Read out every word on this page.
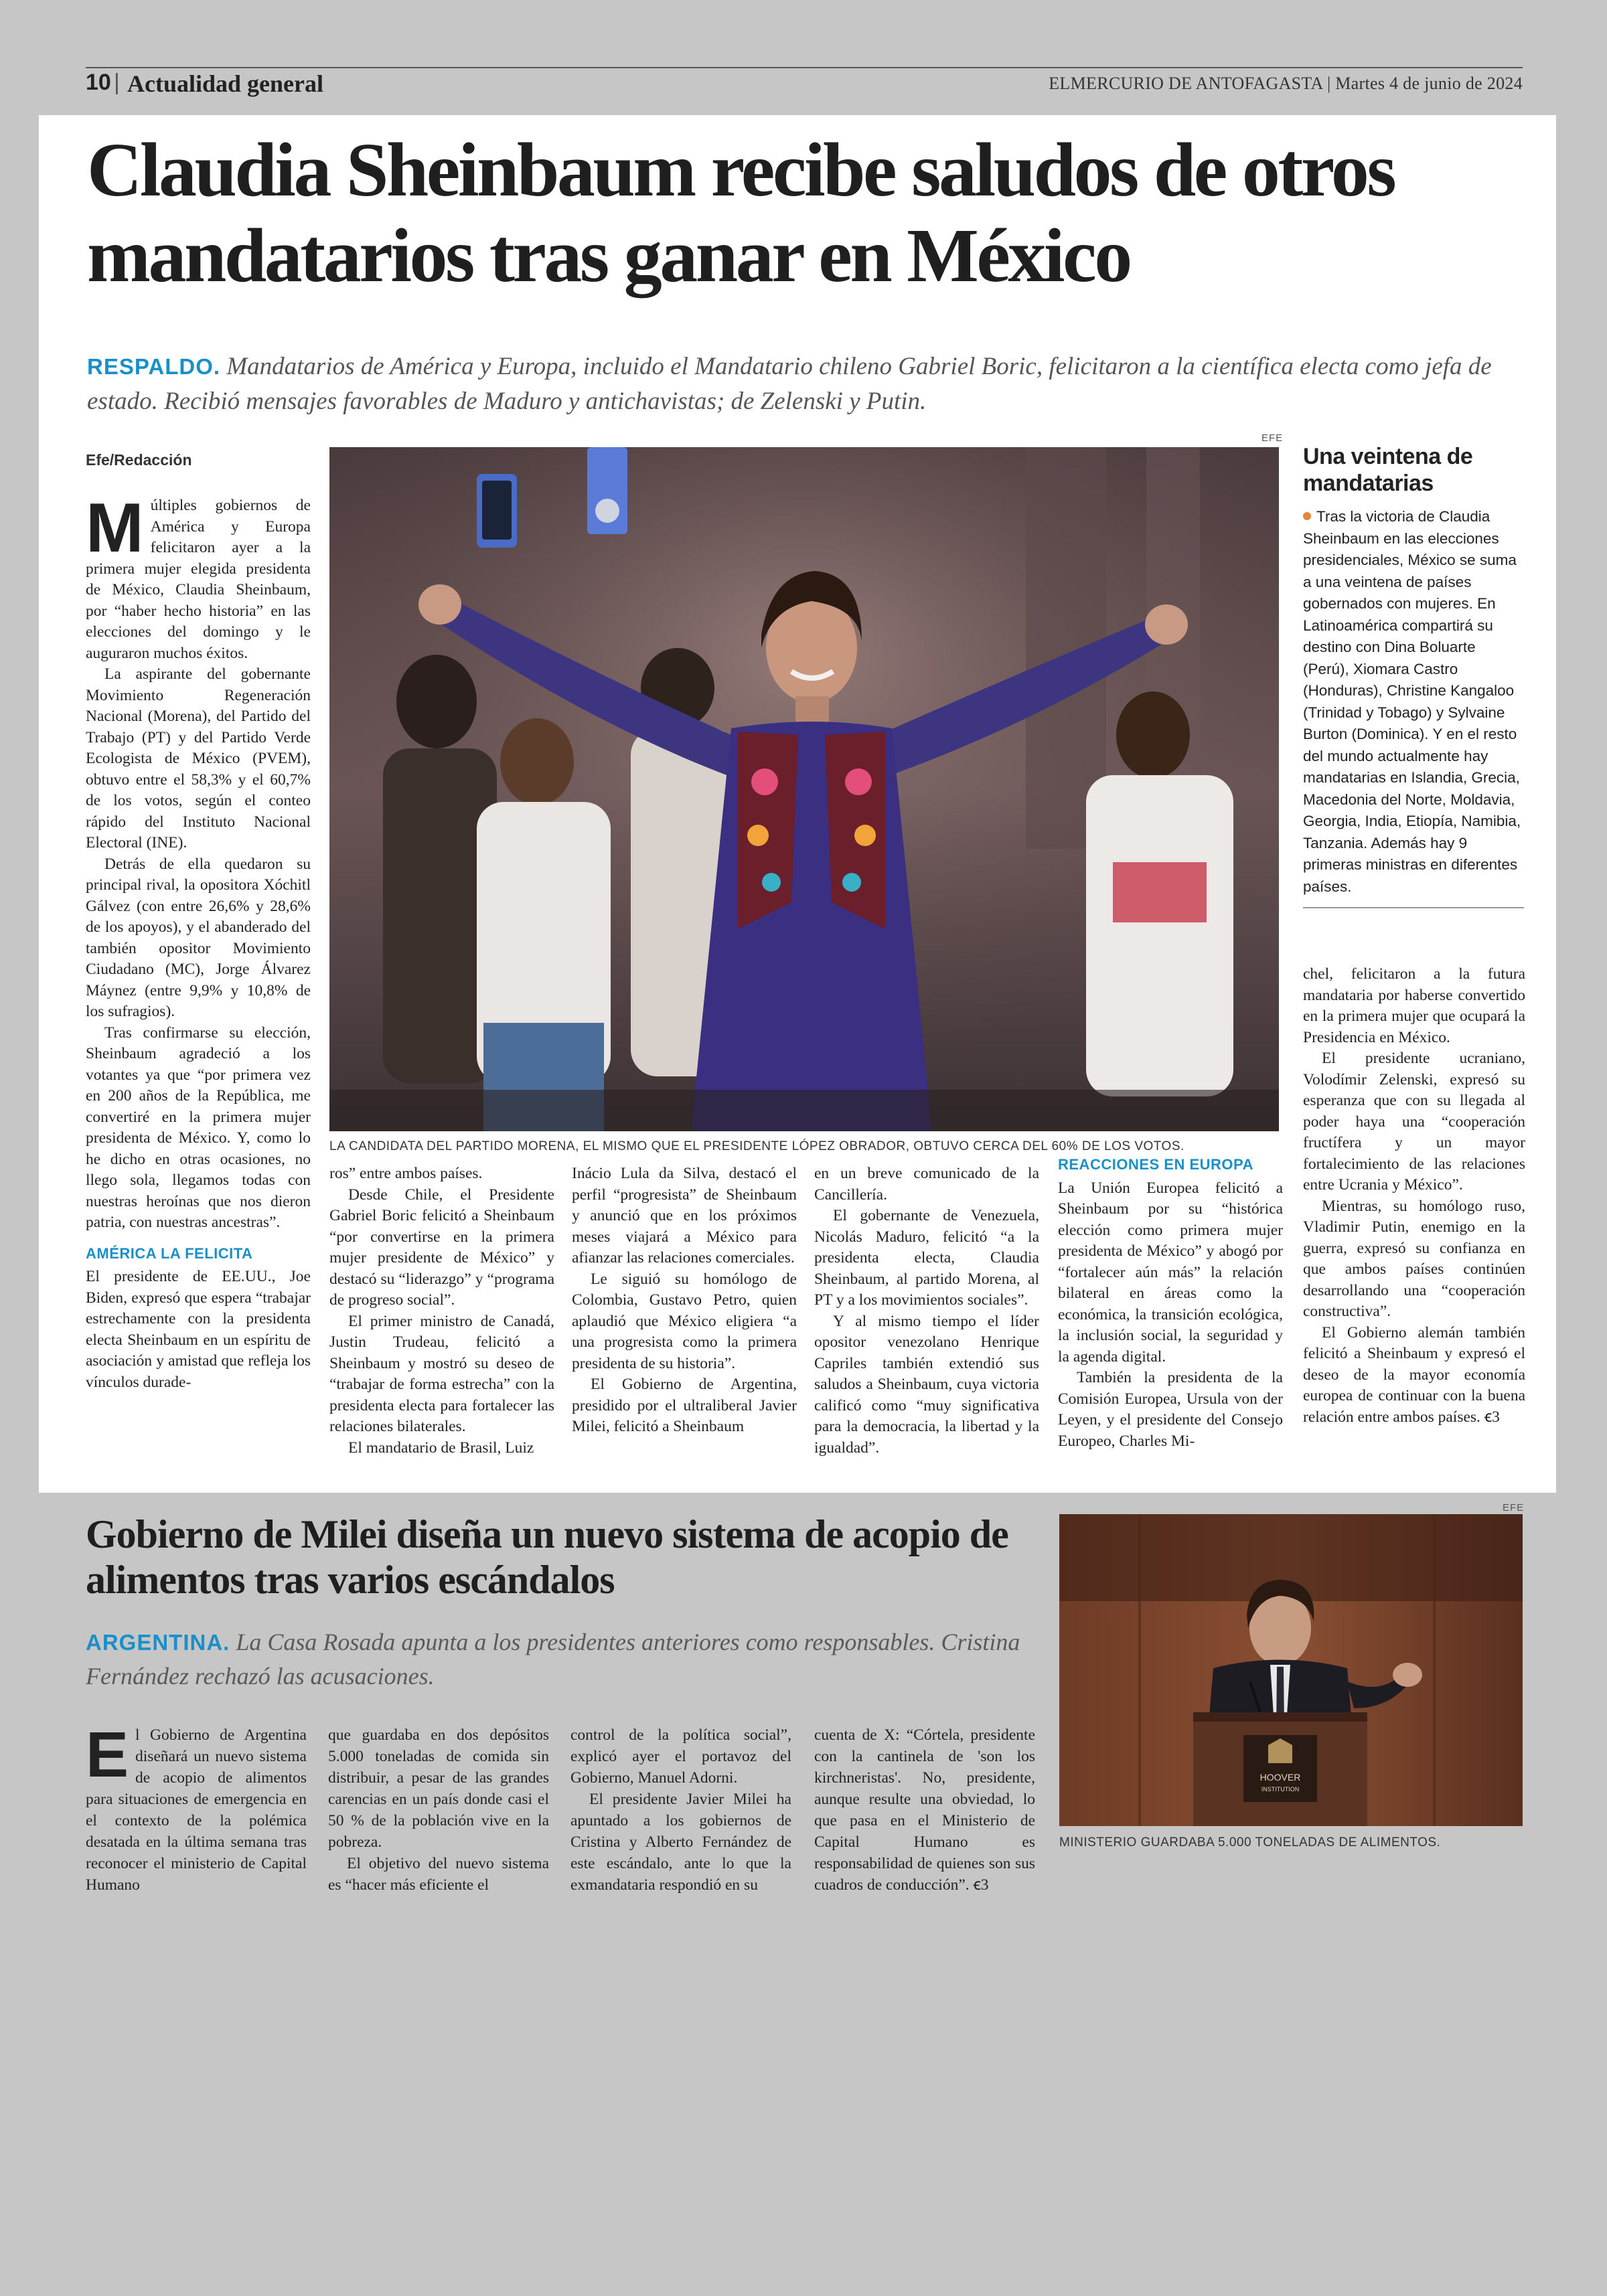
10 | Actualidad general	ELMERCURIO DE ANTOFAGASTA | Martes 4 de junio de 2024
Claudia Sheinbaum recibe saludos de otros mandatarios tras ganar en México
RESPALDO. Mandatarios de América y Europa, incluido el Mandatario chileno Gabriel Boric, felicitaron a la científica electa como jefa de estado. Recibió mensajes favorables de Maduro y antichavistas; de Zelenski y Putin.
Efe/Redacción

Múltiples gobiernos de América y Europa felicitaron ayer a la primera mujer elegida presidenta de México, Claudia Sheinbaum, por “haber hecho historia” en las elecciones del domingo y le auguraron muchos éxitos.

La aspirante del gobernante Movimiento Regeneración Nacional (Morena), del Partido del Trabajo (PT) y del Partido Verde Ecologista de México (PVEM), obtuvo entre el 58,3% y el 60,7% de los votos, según el conteo rápido del Instituto Nacional Electoral (INE).

Detrás de ella quedaron su principal rival, la opositora Xóchitl Gálvez (con entre 26,6% y 28,6% de los apoyos), y el abanderado del también opositor Movimiento Ciudadano (MC), Jorge Álvarez Máynez (entre 9,9% y 10,8% de los sufragios).

Tras confirmarse su elección, Sheinbaum agradeció a los votantes ya que “por primera vez en 200 años de la República, me convertiré en la primera mujer presidenta de México. Y, como lo he dicho en otras ocasiones, no llego sola, llegamos todas con nuestras heroínas que nos dieron patria, con nuestras ancestras”.

AMÉRICA LA FELICITA

El presidente de EE.UU., Joe Biden, expresó que espera “trabajar estrechamente con la presidenta electa Sheinbaum en un espíritu de asociación y amistad que refleja los vínculos durade-

EFE
LA CANDIDATA DEL PARTIDO MORENA, EL MISMO QUE EL PRESIDENTE LÓPEZ OBRADOR, OBTUVO CERCA DEL 60% DE LOS VOTOS.

ros” entre ambos países.

Desde Chile, el Presidente Gabriel Boric felicitó a Sheinbaum “por convertirse en la primera mujer presidente de México” y destacó su “liderazgo” y “programa de progreso social”.

El primer ministro de Canadá, Justin Trudeau, felicitó a Sheinbaum y mostró su deseo de “trabajar de forma estrecha” con la presidenta electa para fortalecer las relaciones bilaterales.

El mandatario de Brasil, Luiz

Inácio Lula da Silva, destacó el perfil “progresista” de Sheinbaum y anunció que en los próximos meses viajará a México para afianzar las relaciones comerciales.

Le siguió su homólogo de Colombia, Gustavo Petro, quien aplaudió que México eligiera “a una progresista como la primera presidenta de su historia”.

El Gobierno de Argentina, presidido por el ultraliberal Javier Milei, felicitó a Sheinbaum

en un breve comunicado de la Cancillería.

El gobernante de Venezuela, Nicolás Maduro, felicitó “a la presidenta electa, Claudia Sheinbaum, al partido Morena, al PT y a los movimientos sociales”.

Y al mismo tiempo el líder opositor venezolano Henrique Capriles también extendió sus saludos a Sheinbaum, cuya victoria calificó como “muy significativa para la democracia, la libertad y la igualdad”.

REACCIONES EN EUROPA

La Unión Europea felicitó a Sheinbaum por su “histórica elección como primera mujer presidenta de México” y abogó por “fortalecer aún más” la relación bilateral en áreas como la económica, la transición ecológica, la inclusión social, la seguridad y la agenda digital.

También la presidenta de la Comisión Europea, Ursula von der Leyen, y el presidente del Consejo Europeo, Charles Mi-

Una veintena de mandatarias
Tras la victoria de Claudia Sheinbaum en las elecciones presidenciales, México se suma a una veintena de países gobernados con mujeres. En Latinoamérica compartirá su destino con Dina Boluarte (Perú), Xiomara Castro (Honduras), Christine Kangaloo (Trinidad y Tobago) y Sylvaine Burton (Dominica). Y en el resto del mundo actualmente hay mandatarias en Islandia, Grecia, Macedonia del Norte, Moldavia, Georgia, India, Etiopía, Namibia, Tanzania. Además hay 9 primeras ministras en diferentes países.

chel, felicitaron a la futura mandataria por haberse convertido en la primera mujer que ocupará la Presidencia en México.

El presidente ucraniano, Volodímir Zelenski, expresó su esperanza que con su llegada al poder haya una “cooperación fructífera y un mayor fortalecimiento de las relaciones entre Ucrania y México”.

Mientras, su homólogo ruso, Vladimir Putin, enemigo en la guerra, expresó su confianza en que ambos países continúen desarrollando una “cooperación constructiva”.

El Gobierno alemán también felicitó a Sheinbaum y expresó el deseo de la mayor economía europea de continuar con la buena relación entre ambos países. ꞓ3

Gobierno de Milei diseña un nuevo sistema de acopio de alimentos tras varios escándalos
ARGENTINA. La Casa Rosada apunta a los presidentes anteriores como responsables. Cristina Fernández rechazó las acusaciones.

El Gobierno de Argentina diseñará un nuevo sistema de acopio de alimentos para situaciones de emergencia en el contexto de la polémica desatada en la última semana tras reconocer el ministerio de Capital Humano

que guardaba en dos depósitos 5.000 toneladas de comida sin distribuir, a pesar de las grandes carencias en un país donde casi el 50 % de la población vive en la pobreza.

El objetivo del nuevo sistema es “hacer más eficiente el

control de la política social”, explicó ayer el portavoz del Gobierno, Manuel Adorni.

El presidente Javier Milei ha apuntado a los gobiernos de Cristina y Alberto Fernández de este escándalo, ante lo que la exmandataria respondió en su

cuenta de X: “Córtela, presidente con la cantinela de 'son los kirchneristas'. No, presidente, aunque resulte una obviedad, lo que pasa en el Ministerio de Capital Humano es responsabilidad de quienes son sus cuadros de conducción”. ꞓ3

EFE
HOOVER
INSTITUTION
MINISTERIO GUARDABA 5.000 TONELADAS DE ALIMENTOS.
